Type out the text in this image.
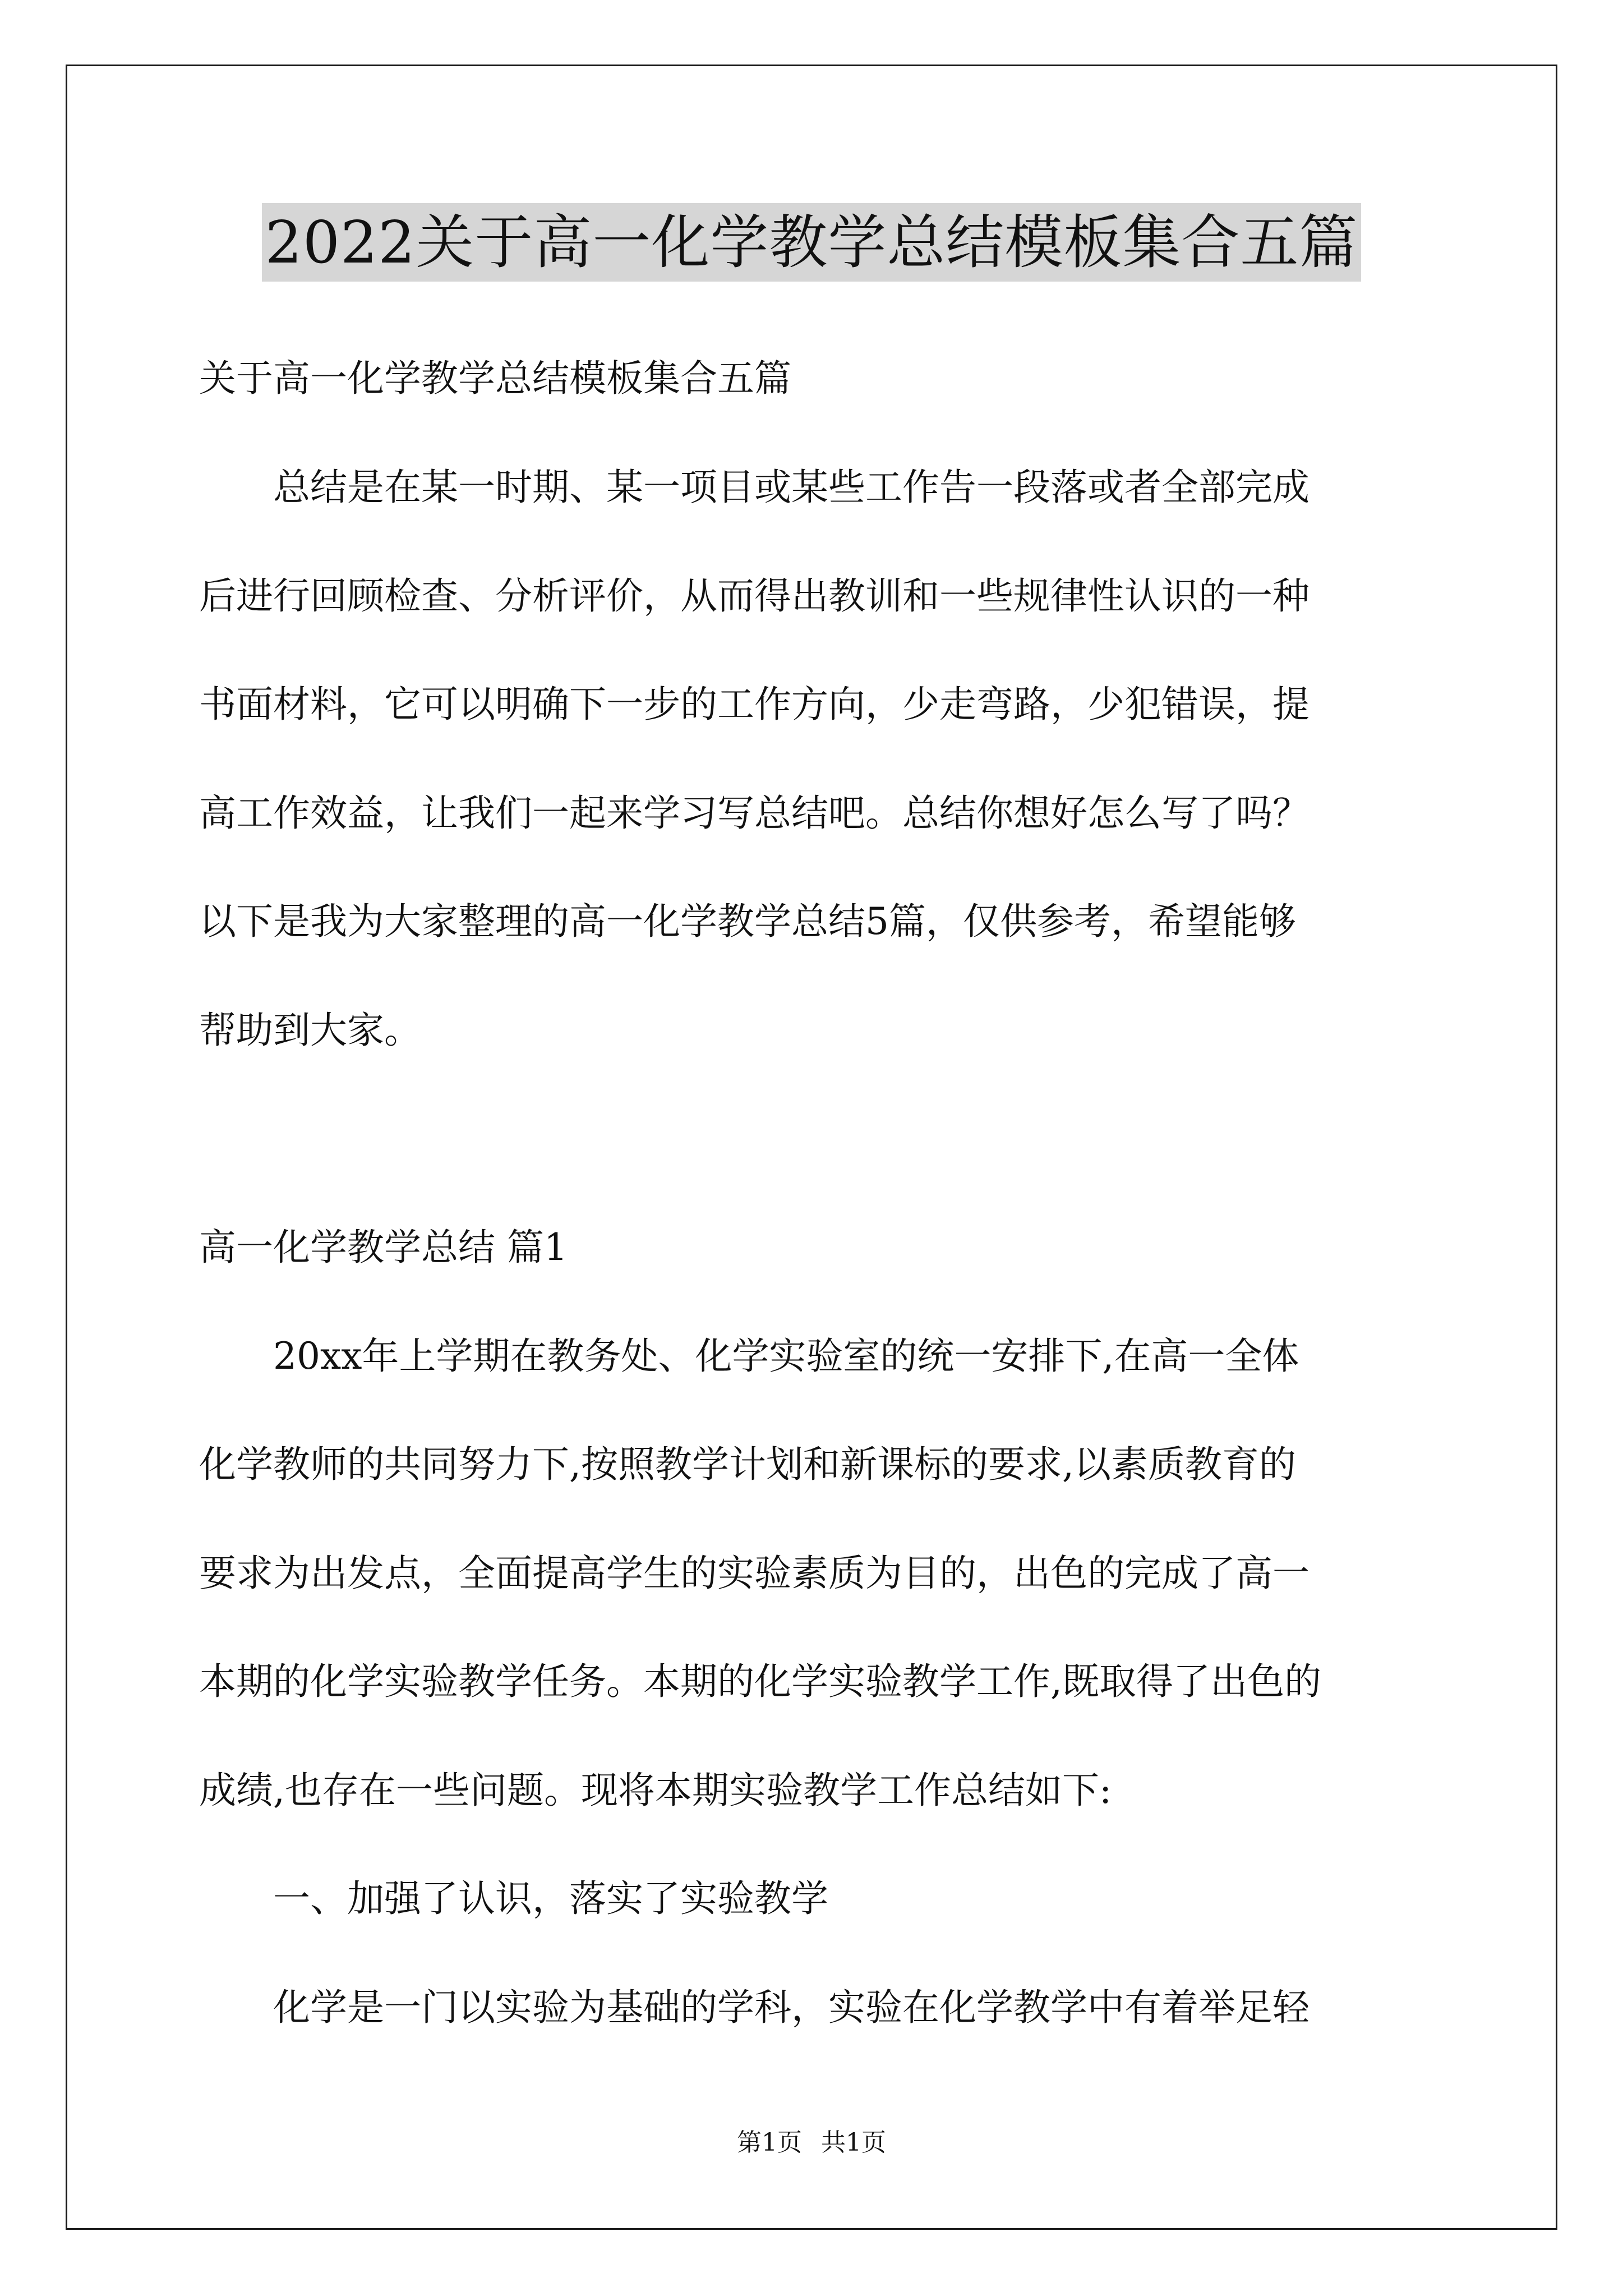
2022关于高一化学教学总结模板集合五篇
关于高一化学教学总结模板集合五篇
　　总结是在某一时期、某一项目或某些工作告一段落或者全部完成
后进行回顾检查、分析评价，从而得出教训和一些规律性认识的一种
书面材料，它可以明确下一步的工作方向，少走弯路，少犯错误，提
高工作效益，让我们一起来学习写总结吧。总结你想好怎么写了吗？
以下是我为大家整理的高一化学教学总结5篇，仅供参考，希望能够
帮助到大家。
高一化学教学总结 篇1
　　20xx年上学期在教务处、化学实验室的统一安排下,在高一全体
化学教师的共同努力下,按照教学计划和新课标的要求,以素质教育的
要求为出发点，全面提高学生的实验素质为目的，出色的完成了高一
本期的化学实验教学任务。本期的化学实验教学工作,既取得了出色的
成绩,也存在一些问题。现将本期实验教学工作总结如下:
　　一、加强了认识，落实了实验教学
　　化学是一门以实验为基础的学科，实验在化学教学中有着举足轻
第1页 共1页
